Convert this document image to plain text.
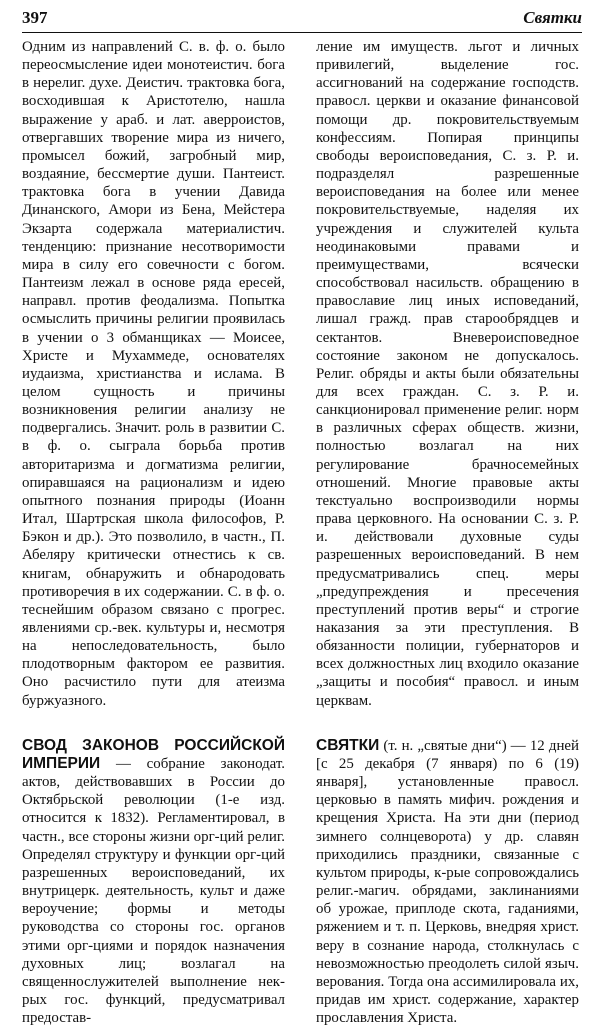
397	Святки

Одним из направлений С. в. ф. о. было переосмысление идеи монотеистич. бога в нерелиг. духе. Деистич. трактовка бога, восходившая к Аристотелю, нашла выражение у араб. и лат. аверроистов, отвергавших творение мира из ничего, промысел божий, загробный мир, воздаяние, бессмертие души. Пантеист. трактовка бога в учении Давида Динанского, Амори из Бена, Мейстера Экзарта содержала материалистич. тенденцию: признание несотворимости мира в силу его совечности с богом. Пантеизм лежал в основе ряда ересей, направл. против феодализма. Попытка осмыслить причины религии проявилась в учении о 3 обманщиках — Моисее, Христе и Мухаммеде, основателях иудаизма, христианства и ислама. В целом сущность и причины возникновения религии анализу не подвергались. Значит. роль в развитии С. в ф. о. сыграла борьба против авторитаризма и догматизма религии, опиравшаяся на рационализм и идею опытного познания природы (Иоанн Итал, Шартрская школа философов, Р. Бэкон и др.). Это позволило, в частн., П. Абеляру критически отнестись к св. книгам, обнаружить и обнародовать противоречия в их содержании. С. в ф. о. теснейшим образом связано с прогрес. явлениями ср.-век. культуры и, несмотря на непоследовательность, было плодотворным фактором ее развития. Оно расчистило пути для атеизма буржуазного.

СВОД ЗАКОНОВ РОССИЙСКОЙ ИМПЕРИИ — собрание законодат. актов, действовавших в России до Октябрьской революции (1-е изд. относится к 1832). Регламентировал, в частн., все стороны жизни орг-ций религ. Определял структуру и функции орг-ций разрешенных вероисповеданий, их внутрицерк. деятельность, культ и даже вероучение; формы и методы руководства со стороны гос. органов этими орг-циями и порядок назначения духовных лиц; возлагал на священнослужителей выполнение нек-рых гос. функций, предусматривал предостав-

ление им имуществ. льгот и личных привилегий, выделение гос. ассигнований на содержание господств. правосл. церкви и оказание финансовой помощи др. покровительствуемым конфессиям. Попирая принципы свободы вероисповедания, С. з. Р. и. подразделял разрешенные вероисповедания на более или менее покровительствуемые, наделяя их учреждения и служителей культа неодинаковыми правами и преимуществами, всячески способствовал насильств. обращению в православие лиц иных исповеданий, лишал гражд. прав старообрядцев и сектантов. Вневероисповедное состояние законом не допускалось. Религ. обряды и акты были обязательны для всех граждан. С. з. Р. и. санкционировал применение религ. норм в различных сферах обществ. жизни, полностью возлагал на них регулирование брачносемейных отношений. Многие правовые акты текстуально воспроизводили нормы права церковного. На основании С. з. Р. и. действовали духовные суды разрешенных вероисповеданий. В нем предусматривались спец. меры „предупреждения и пресечения преступлений против веры“ и строгие наказания за эти преступления. В обязанности полиции, губернаторов и всех должностных лиц входило оказание „защиты и пособия“ правосл. и иным церквам.

СВЯТКИ (т. н. „святые дни“) — 12 дней [с 25 декабря (7 января) по 6 (19) января], установленные правосл. церковью в память мифич. рождения и крещения Христа. На эти дни (период зимнего солнцеворота) у др. славян приходились праздники, связанные с культом природы, к-рые сопровождались религ.-магич. обрядами, заклинаниями об урожае, приплоде скота, гаданиями, ряжением и т. п. Церковь, внедряя христ. веру в сознание народа, столкнулась с невозможностью преодолеть силой языч. верования. Тогда она ассимилировала их, придав им христ. содержание, характер прославления Христа.
